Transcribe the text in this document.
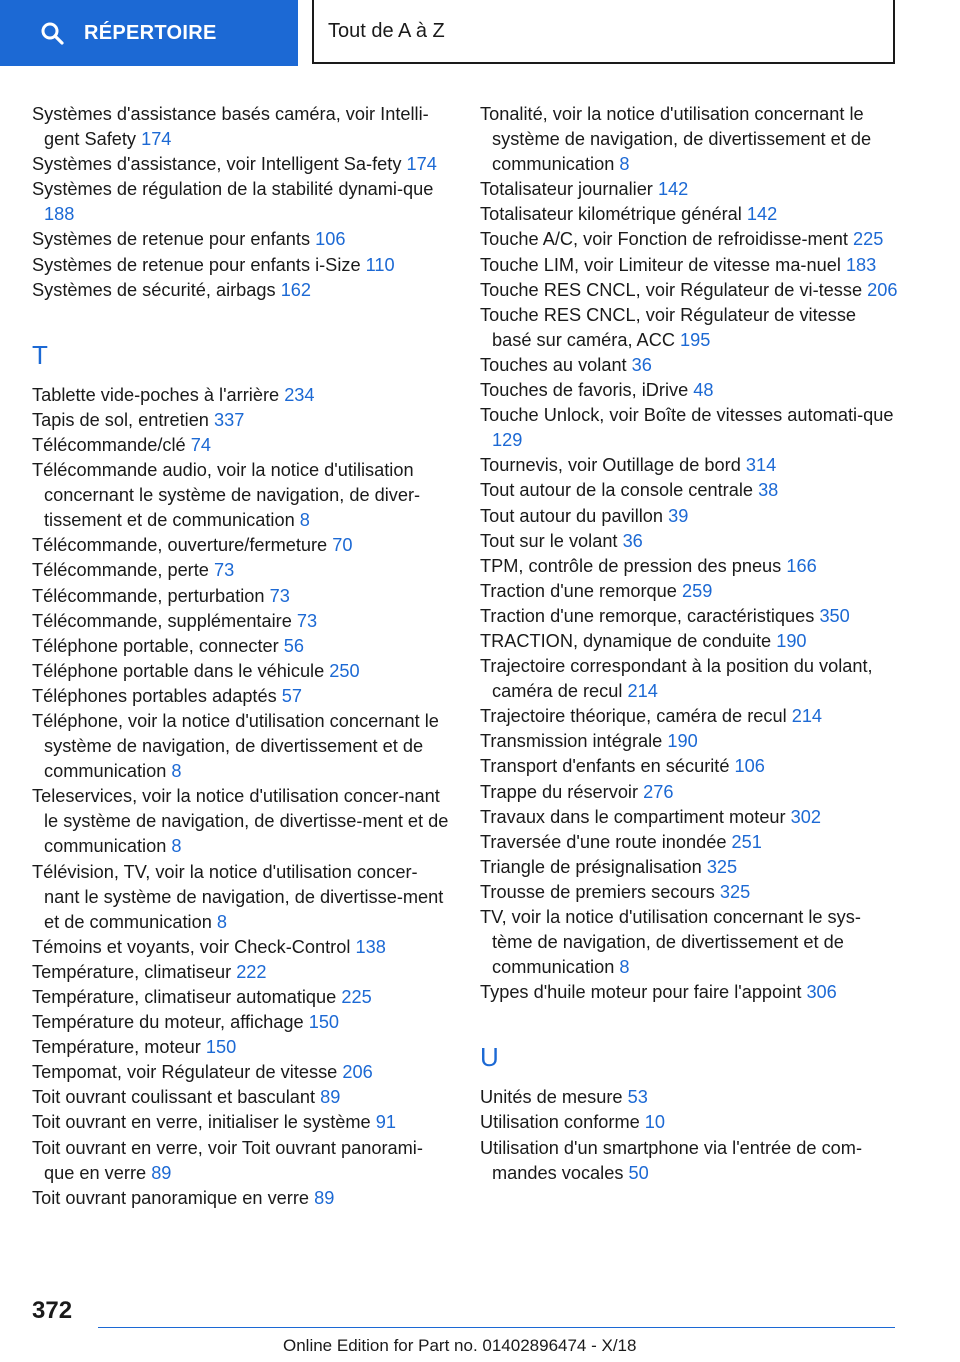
RÉPERTOIRE	Tout de A à Z
Systèmes d'assistance basés caméra, voir Intelli‐gent Safety 174
Systèmes d'assistance, voir Intelligent Sa‐fety 174
Systèmes de régulation de la stabilité dynami‐que 188
Systèmes de retenue pour enfants 106
Systèmes de retenue pour enfants i-Size 110
Systèmes de sécurité, airbags 162
T
Tablette vide-poches à l'arrière 234
Tapis de sol, entretien 337
Télécommande/clé 74
Télécommande audio, voir la notice d'utilisation concernant le système de navigation, de diver‐tissement et de communication 8
Télécommande, ouverture/fermeture 70
Télécommande, perte 73
Télécommande, perturbation 73
Télécommande, supplémentaire 73
Téléphone portable, connecter 56
Téléphone portable dans le véhicule 250
Téléphones portables adaptés 57
Téléphone, voir la notice d'utilisation concernant le système de navigation, de divertissement et de communication 8
Teleservices, voir la notice d'utilisation concer‐nant le système de navigation, de divertisse‐ment et de communication 8
Télévision, TV, voir la notice d'utilisation concer‐nant le système de navigation, de divertisse‐ment et de communication 8
Témoins et voyants, voir Check-Control 138
Température, climatiseur 222
Température, climatiseur automatique 225
Température du moteur, affichage 150
Température, moteur 150
Tempomat, voir Régulateur de vitesse 206
Toit ouvrant coulissant et basculant 89
Toit ouvrant en verre, initialiser le système 91
Toit ouvrant en verre, voir Toit ouvrant panorami‐que en verre 89
Toit ouvrant panoramique en verre 89
Tonalité, voir la notice d'utilisation concernant le système de navigation, de divertissement et de communication 8
Totalisateur journalier 142
Totalisateur kilométrique général 142
Touche A/C, voir Fonction de refroidisse‐ment 225
Touche LIM, voir Limiteur de vitesse ma‐nuel 183
Touche RES CNCL, voir Régulateur de vi‐tesse 206
Touche RES CNCL, voir Régulateur de vitesse basé sur caméra, ACC 195
Touches au volant 36
Touches de favoris, iDrive 48
Touche Unlock, voir Boîte de vitesses automati‐que 129
Tournevis, voir Outillage de bord 314
Tout autour de la console centrale 38
Tout autour du pavillon 39
Tout sur le volant 36
TPM, contrôle de pression des pneus 166
Traction d'une remorque 259
Traction d'une remorque, caractéristiques 350
TRACTION, dynamique de conduite 190
Trajectoire correspondant à la position du volant, caméra de recul 214
Trajectoire théorique, caméra de recul 214
Transmission intégrale 190
Transport d'enfants en sécurité 106
Trappe du réservoir 276
Travaux dans le compartiment moteur 302
Traversée d'une route inondée 251
Triangle de présignalisation 325
Trousse de premiers secours 325
TV, voir la notice d'utilisation concernant le sys‐tème de navigation, de divertissement et de communication 8
Types d'huile moteur pour faire l'appoint 306
U
Unités de mesure 53
Utilisation conforme 10
Utilisation d'un smartphone via l'entrée de com‐mandes vocales 50
372
Online Edition for Part no. 01402896474 - X/18
